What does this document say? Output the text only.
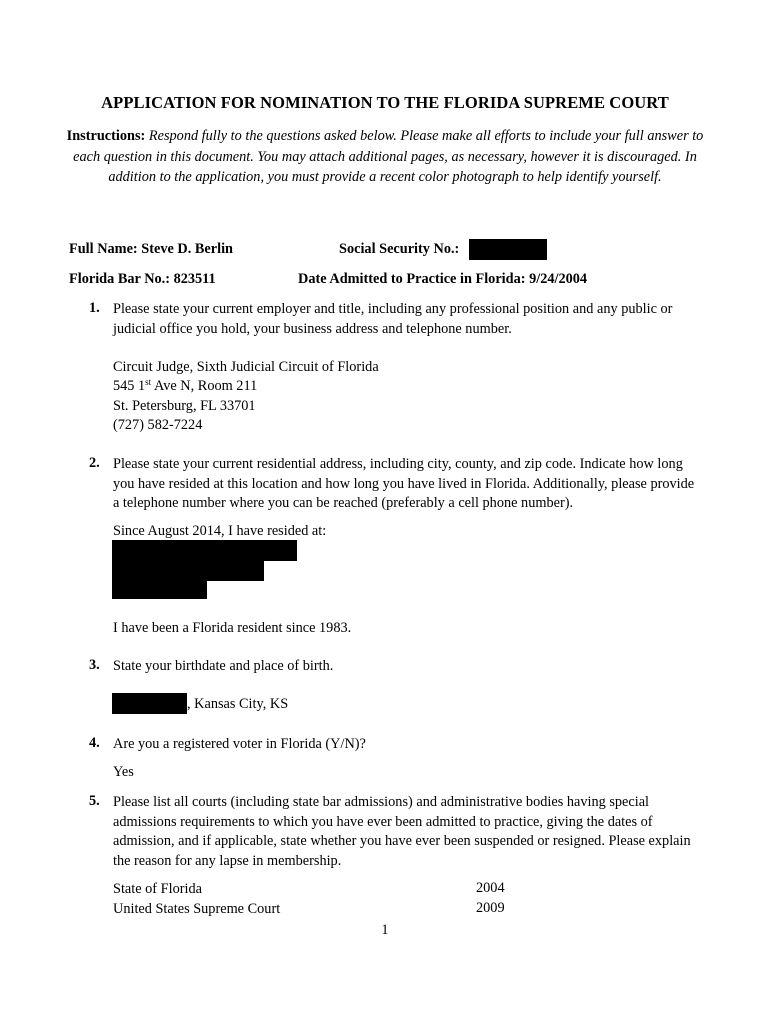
APPLICATION FOR NOMINATION TO THE FLORIDA SUPREME COURT
Instructions: Respond fully to the questions asked below. Please make all efforts to include your full answer to each question in this document. You may attach additional pages, as necessary, however it is discouraged. In addition to the application, you must provide a recent color photograph to help identify yourself.
Full Name: Steve D. Berlin	Social Security No.:
Florida Bar No.: 823511	Date Admitted to Practice in Florida: 9/24/2004
1. Please state your current employer and title, including any professional position and any public or judicial office you hold, your business address and telephone number.
Circuit Judge, Sixth Judicial Circuit of Florida
545 1st Ave N, Room 211
St. Petersburg, FL 33701
(727) 582-7224
2. Please state your current residential address, including city, county, and zip code. Indicate how long you have resided at this location and how long you have lived in Florida. Additionally, please provide a telephone number where you can be reached (preferably a cell phone number).
Since August 2014, I have resided at:
I have been a Florida resident since 1983.
3. State your birthdate and place of birth.
, Kansas City, KS
4. Are you a registered voter in Florida (Y/N)?
Yes
5. Please list all courts (including state bar admissions) and administrative bodies having special admissions requirements to which you have ever been admitted to practice, giving the dates of admission, and if applicable, state whether you have ever been suspended or resigned. Please explain the reason for any lapse in membership.
State of Florida	2004
United States Supreme Court	2009
1
